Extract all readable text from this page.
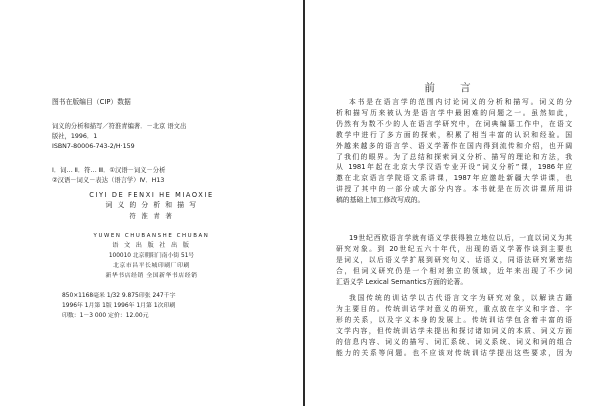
图书在版编目（CIP）数据
词义的分析和描写／符淮青编著．－北京 语文出
版社，1996．1
ISBN7-80006-743-2/H·159
Ⅰ．词… Ⅱ．符… Ⅲ．①汉语－词义－分析
②汉语－词义－表达（语言学）Ⅳ．H13
CIYI DE FENXI HE MIAOXIE
词 义 的 分 析 和 描 写
符 淮 青 著
YUWEN CHUBANSHE CHUBAN
语 文 出 版 社 出 版
100010 北京朝阳门南小街 51号
北京市昌平长城印刷厂印刷
新华书店经销 全国新华书店经销
850×1168毫米 1/32 9.875印张 247千字
1996年 1月第 1版 1996年 1月第 1次印刷
印数：1－3 000 定价：12.00元
前 言

本书是在语言学的范围内讨论词义的分析和描写。词义的分

析和描写历来被认为是语言学中最困难的问题之一。虽然如此，

仍然有为数不少的人在语言学研究中，在词典编纂工作中，在语文

教学中进行了多方面的探索，积累了相当丰富的认识和经验。国

外越来越多的语言学、语义学著作在国内得到流传和介绍，也开阔

了我们的眼界。为了总结和探索词义分析、描写的理论和方法，我

从 1981年起在北京大学汉语专业开设“词义分析”课，1986年应

邀在北京语言学院语文系讲课，1987年应邀赴新疆大学讲课，也

讲授了其中的一部分或大部分内容。本书就是在历次讲课所用讲

稿的基础上加工修改写成的。

19世纪西欧语言学就有语义学获得独立地位以后，一直以词义为其

研究对象。到 20世纪五六十年代，出现的语义学著作谈到主要也

是词义，以后语义学扩展到研究句义、话语义，同语法研究紧密结

合，但词义研究仍是一个相对独立的领域，近年来出现了不少词

汇语义学 Lexical Semantics方面的论著。

我国传统的训诂学以古代语言文字为研究对象，以解读古籍

为主要目的。传统训诂学对意义的研究，重点放在字义和字音、字

形的关系，以及字义本身的发展上。传统训诂学包含着丰富的语

文学内容，但传统训诂学未提出和探讨诸如词义的本质、词义方面

的信息内容、词义的描写、词汇系统、词义系统、词义和词的组合

能力的关系等问题。也不应该对传统训诂学提出这些要求，因为
